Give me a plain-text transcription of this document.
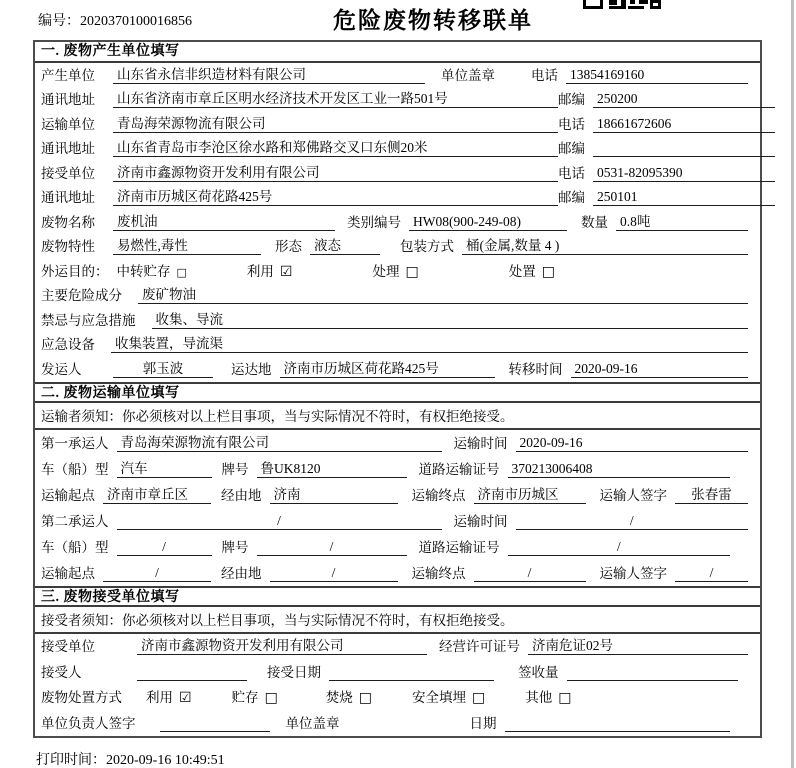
编号：2020370100016856	危险废物转移联单
一. 废物产生单位填写
产生单位	山东省永信非织造材料有限公司	单位盖章	电话 13854169160
通讯地址	山东省济南市章丘区明水经济技术开发区工业一路501号	邮编 250200
运输单位	青岛海荣源物流有限公司	电话 18661672606
通讯地址	山东省青岛市李沧区徐水路和郑佛路交叉口东侧20米	邮编
接受单位	济南市鑫源物资开发利用有限公司	电话 0531-82095390
通讯地址	济南市历城区荷花路425号	邮编 250101
废物名称	废机油	类别编号 HW08(900-249-08)	数量 0.8吨
废物特性	易燃性,毒性	形态 液态	包装方式 桶(金属,数量 4 )
外运目的： 中转贮存 □	利用 ☑	处理 □	处置 □
主要危险成分 废矿物油
禁忌与应急措施 收集、导流
应急设备 收集装置，导流渠
发运人	郭玉波	运达地 济南市历城区荷花路425号	转移时间 2020-09-16
二. 废物运输单位填写
运输者须知：你必须核对以上栏目事项，当与实际情况不符时，有权拒绝接受。
第一承运人 青岛海荣源物流有限公司	运输时间 2020-09-16
车（船）型 汽车	牌号 鲁UK8120	道路运输证号 370213006408
运输起点 济南市章丘区	经由地 济南	运输终点 济南市历城区	运输人签字	张春雷
第二承运人	/	运输时间	/
车（船）型	/	牌号	/	道路运输证号	/
运输起点	/	经由地	/	运输终点	/	运输人签字	/
三. 废物接受单位填写
接受者须知：你必须核对以上栏目事项，当与实际情况不符时，有权拒绝接受。
接受单位	济南市鑫源物资开发利用有限公司	经营许可证号 济南危证02号
接受人	接受日期	签收量
废物处置方式 利用 ☑	贮存 □	焚烧 □	安全填埋 □	其他 □
单位负责人签字	单位盖章	日期
打印时间：2020-09-16 10:49:51
